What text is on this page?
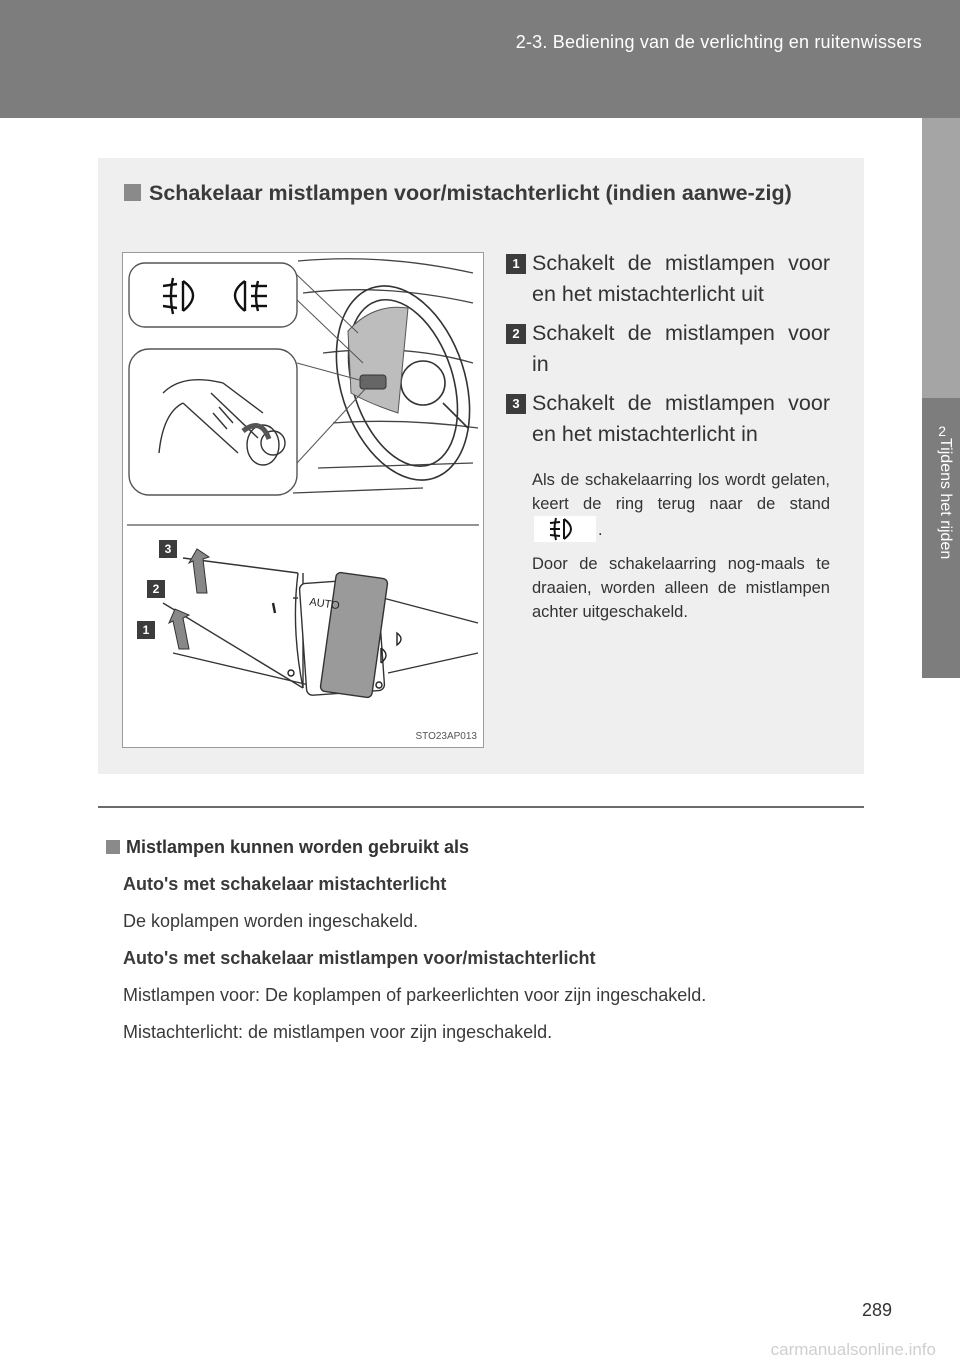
2-3. Bediening van de verlichting en ruitenwissers
2
Tijdens het rijden
Schakelaar mistlampen voor/mistachterlicht (indien aanwe-zig)
AUTO
3
2
1
STO23AP013
1 Schakelt de mistlampen voor en het mistachterlicht uit
2 Schakelt de mistlampen voor in
3 Schakelt de mistlampen voor en het mistachterlicht in
Als de schakelaarring los wordt gelaten, keert de ring terug naar de stand .
Door de schakelaarring nog-maals te draaien, worden alleen de mistlampen achter uitgeschakeld.
Mistlampen kunnen worden gebruikt als
Auto's met schakelaar mistachterlicht
De koplampen worden ingeschakeld.
Auto's met schakelaar mistlampen voor/mistachterlicht
Mistlampen voor: De koplampen of parkeerlichten voor zijn ingeschakeld.
Mistachterlicht: de mistlampen voor zijn ingeschakeld.
289
carmanualsonline.info
